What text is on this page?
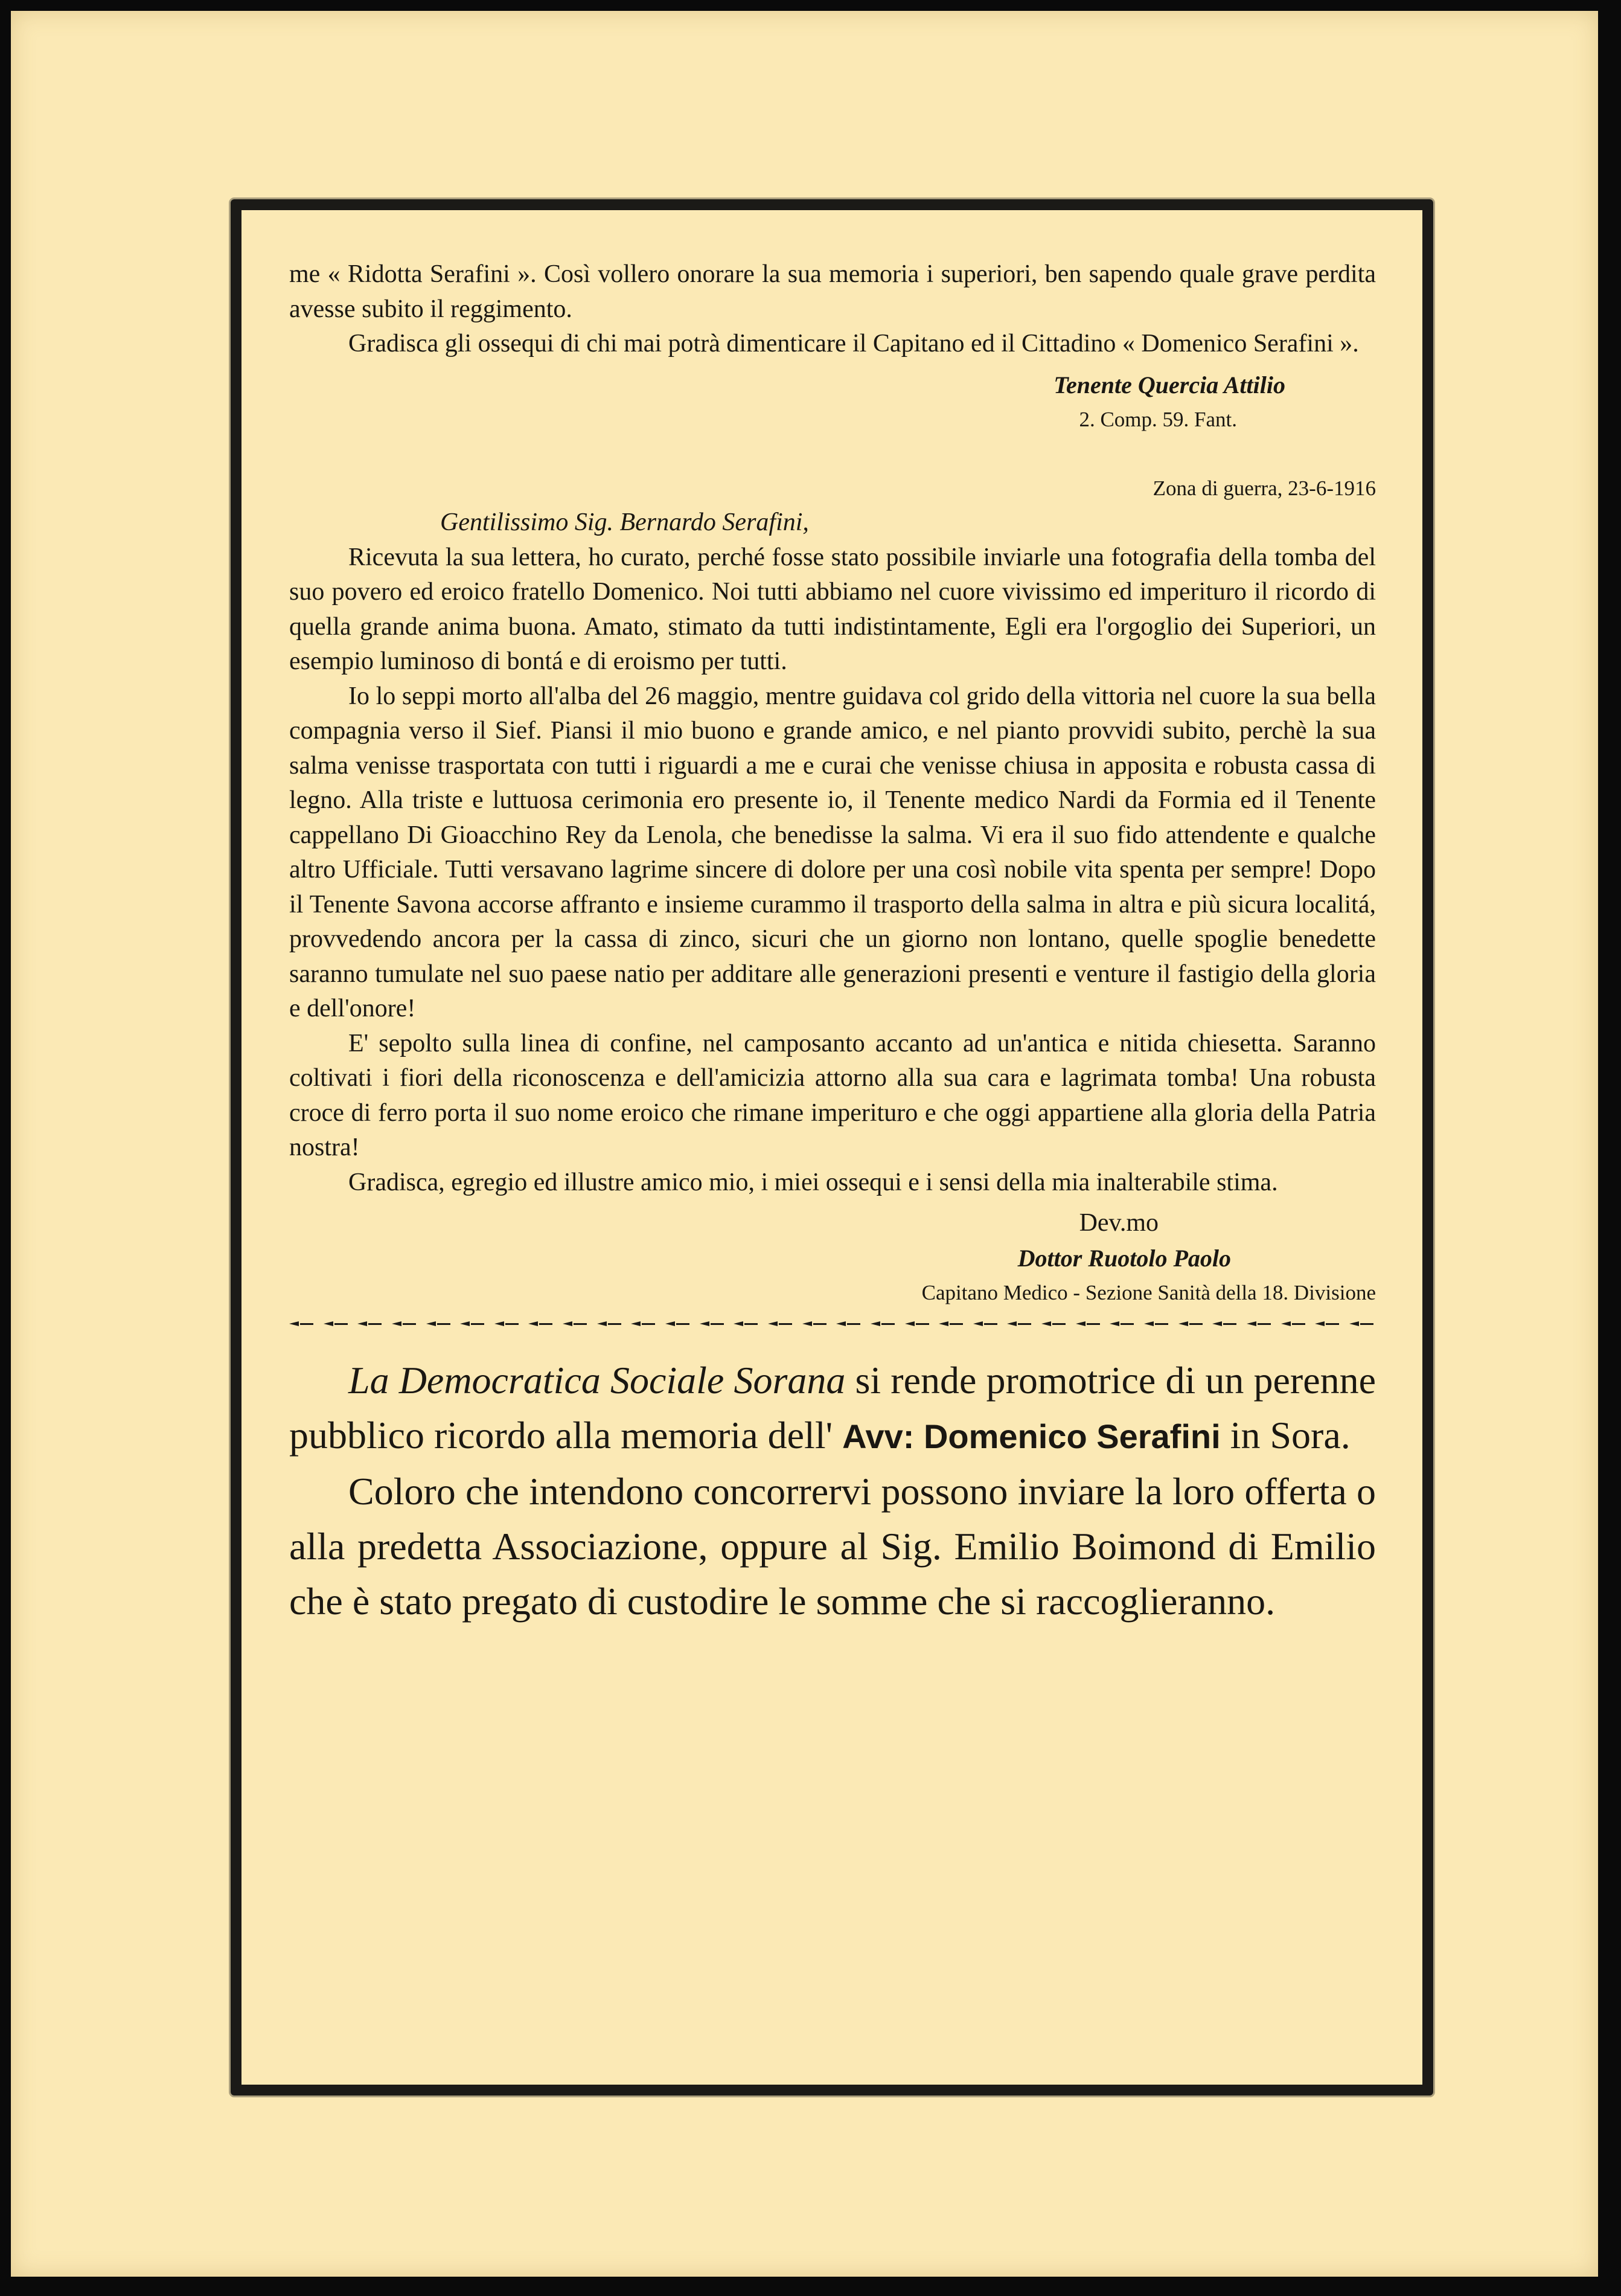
me « Ridotta Serafini ». Così vollero onorare la sua memoria i superiori, ben sapendo quale grave perdita avesse subito il reggimento.

Gradisca gli ossequi di chi mai potrà dimenticare il Capitano ed il Cittadino « Domenico Serafini ».

Tenente Quercia Attilio

2. Comp. 59. Fant.

Zona di guerra, 23-6-1916

Gentilissimo Sig. Bernardo Serafini,

Ricevuta la sua lettera, ho curato, perché fosse stato possibile inviarle una fotografia della tomba del suo povero ed eroico fratello Domenico. Noi tutti abbiamo nel cuore vivissimo ed imperituro il ricordo di quella grande anima buona. Amato, stimato da tutti indistintamente, Egli era l'orgoglio dei Superiori, un esempio luminoso di bontá e di eroismo per tutti.

Io lo seppi morto all'alba del 26 maggio, mentre guidava col grido della vittoria nel cuore la sua bella compagnia verso il Sief. Piansi il mio buono e grande amico, e nel pianto provvidi subito, perchè la sua salma venisse trasportata con tutti i riguardi a me e curai che venisse chiusa in apposita e robusta cassa di legno. Alla triste e luttuosa cerimonia ero presente io, il Tenente medico Nardi da Formia ed il Tenente cappellano Di Gioacchino Rey da Lenola, che benedisse la salma. Vi era il suo fido attendente e qualche altro Ufficiale. Tutti versavano lagrime sincere di dolore per una così nobile vita spenta per sempre! Dopo il Tenente Savona accorse affranto e insieme curammo il trasporto della salma in altra e più sicura localitá, provvedendo ancora per la cassa di zinco, sicuri che un giorno non lontano, quelle spoglie benedette saranno tumulate nel suo paese natio per additare alle generazioni presenti e venture il fastigio della gloria e dell'onore!

E' sepolto sulla linea di confine, nel camposanto accanto ad un'antica e nitida chiesetta. Saranno coltivati i fiori della riconoscenza e dell'amicizia attorno alla sua cara e lagrimata tomba! Una robusta croce di ferro porta il suo nome eroico che rimane imperituro e che oggi appartiene alla gloria della Patria nostra!

Gradisca, egregio ed illustre amico mio, i miei ossequi e i sensi della mia inalterabile stima.

Dev.mo

Dottor Ruotolo Paolo

Capitano Medico - Sezione Sanità della 18. Divisione

La Democratica Sociale Sorana si rende promotrice di un perenne pubblico ricordo alla memoria dell' Avv: Domenico Serafini in Sora.

Coloro che intendono concorrervi possono inviare la loro offerta o alla predetta Associazione, oppure al Sig. Emilio Boimond di Emilio che è stato pregato di custodire le somme che si raccoglieranno.
